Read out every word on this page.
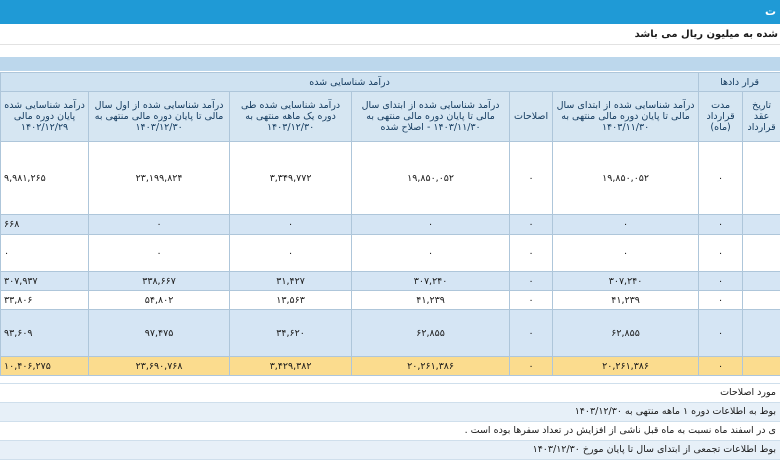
ت
شده به میلیون ریال می باشد
قرار دادها		درآمد شناسایی شده					
تاریخ عقد قرارداد	مدت قرارداد (ماه)	درآمد شناسایی شده از ابتدای سال مالی تا پایان دوره مالی منتهی به ۱۴۰۳/۱۱/۳۰	اصلاحات	درآمد شناسایی شده از ابتدای سال مالی تا پایان دوره مالی منتهی به ۱۴۰۳/۱۱/۳۰ - اصلاح شده	درآمد شناسایی شده طی دوره یک ماهه منتهی به ۱۴۰۳/۱۲/۳۰	درآمد شناسایی شده از اول سال مالی تا پایان دوره مالی منتهی به ۱۴۰۳/۱۲/۳۰	درآمد شناسایی شده پایان دوره مالی ۱۴۰۲/۱۲/۲۹
	۰	۱۹,۸۵۰,۰۵۲	۰	۱۹,۸۵۰,۰۵۲	۳,۳۴۹,۷۷۲	۲۳,۱۹۹,۸۲۴	۹,۹۸۱,۲۶۵
	۰	۰	۰	۰	۰	۰	۶۶۸
	۰	۰	۰	۰	۰	۰	۰
	۰	۳۰۷,۲۴۰	۰	۳۰۷,۲۴۰	۳۱,۴۲۷	۳۳۸,۶۶۷	۳۰۷,۹۳۷
	۰	۴۱,۲۳۹	۰	۴۱,۲۳۹	۱۳,۵۶۳	۵۴,۸۰۲	۳۳,۸۰۶
	۰	۶۲,۸۵۵	۰	۶۲,۸۵۵	۳۴,۶۲۰	۹۷,۴۷۵	۹۳,۶۰۹
	۰	۲۰,۲۶۱,۳۸۶	۰	۲۰,۲۶۱,۳۸۶	۳,۴۲۹,۳۸۲	۲۳,۶۹۰,۷۶۸	۱۰,۴۰۶,۲۷۵
مورد اصلاحات
بوط به اطلاعات دوره ۱ ماهه منتهی به ۱۴۰۳/۱۲/۳۰
ی در اسفند ماه نسبت به ماه قبل ناشی از افزایش در تعداد سفرها بوده است .
بوط اطلاعات تجمعی از ابتدای سال تا پایان مورخ ۱۴۰۳/۱۲/۳۰
